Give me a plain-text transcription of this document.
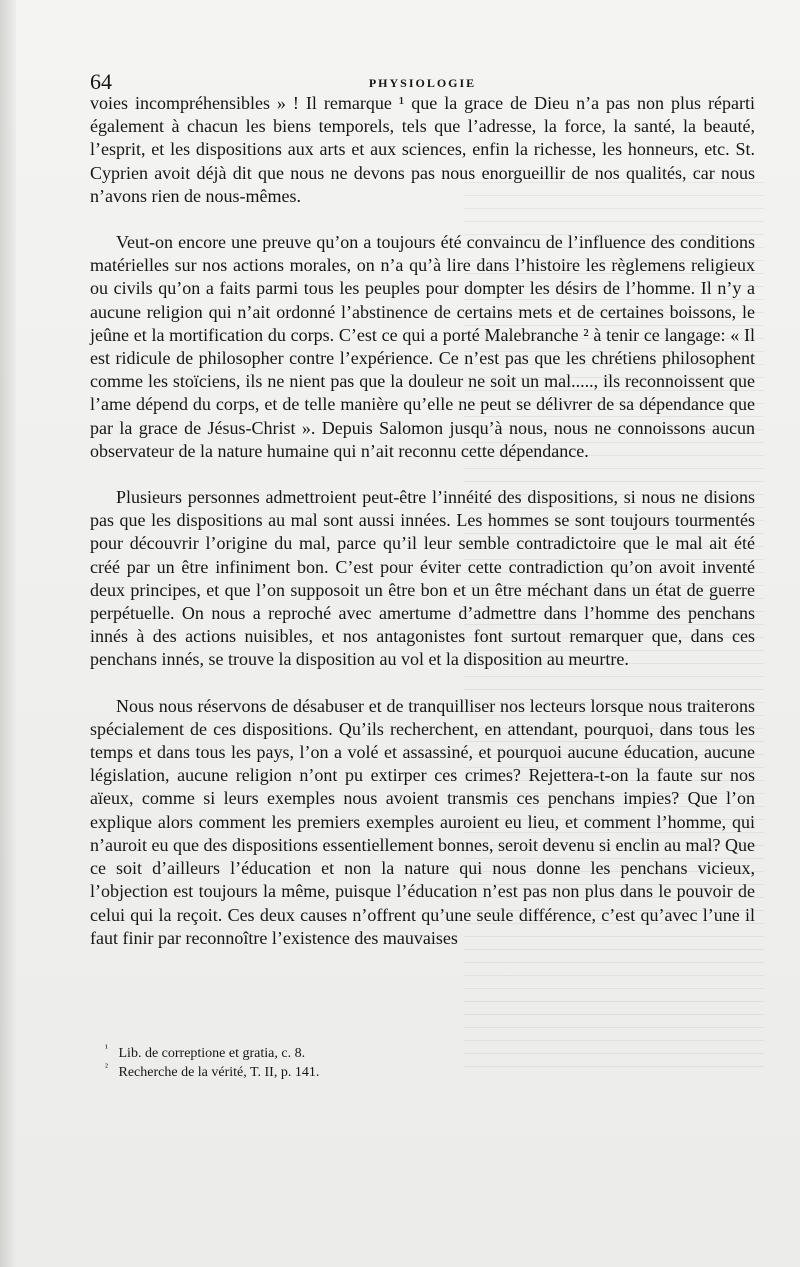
64	PHYSIOLOGIE

voies incompréhensibles » ! Il remarque ¹ que la grace de Dieu n’a pas non plus réparti également à chacun les biens temporels, tels que l’adresse, la force, la santé, la beauté, l’esprit, et les dispositions aux arts et aux sciences, enfin la richesse, les honneurs, etc. St. Cyprien avoit déjà dit que nous ne devons pas nous enorgueillir de nos qualités, car nous n’avons rien de nous-mêmes.

Veut-on encore une preuve qu’on a toujours été convaincu de l’influence des conditions matérielles sur nos actions morales, on n’a qu’à lire dans l’histoire les règlemens religieux ou civils qu’on a faits parmi tous les peuples pour dompter les désirs de l’homme. Il n’y a aucune religion qui n’ait ordonné l’abstinence de certains mets et de certaines boissons, le jeûne et la mortification du corps. C’est ce qui a porté Malebranche ² à tenir ce langage: « Il est ridicule de philosopher contre l’expérience. Ce n’est pas que les chrétiens philosophent comme les stoïciens, ils ne nient pas que la douleur ne soit un mal....., ils reconnoissent que l’ame dépend du corps, et de telle manière qu’elle ne peut se délivrer de sa dépendance que par la grace de Jésus-Christ ». Depuis Salomon jusqu’à nous, nous ne connoissons aucun observateur de la nature humaine qui n’ait reconnu cette dépendance.

Plusieurs personnes admettroient peut-être l’innéité des dispositions, si nous ne disions pas que les dispositions au mal sont aussi innées. Les hommes se sont toujours tourmentés pour découvrir l’origine du mal, parce qu’il leur semble contradictoire que le mal ait été créé par un être infiniment bon. C’est pour éviter cette contradiction qu’on avoit inventé deux principes, et que l’on supposoit un être bon et un être méchant dans un état de guerre perpétuelle. On nous a reproché avec amertume d’admettre dans l’homme des penchans innés à des actions nuisibles, et nos antagonistes font surtout remarquer que, dans ces penchans innés, se trouve la disposition au vol et la disposition au meurtre.

Nous nous réservons de désabuser et de tranquilliser nos lecteurs lorsque nous traiterons spécialement de ces dispositions. Qu’ils recherchent, en attendant, pourquoi, dans tous les temps et dans tous les pays, l’on a volé et assassiné, et pourquoi aucune éducation, aucune législation, aucune religion n’ont pu extirper ces crimes? Rejettera-t-on la faute sur nos aïeux, comme si leurs exemples nous avoient transmis ces penchans impies? Que l’on explique alors comment les premiers exemples auroient eu lieu, et comment l’homme, qui n’auroit eu que des dispositions essentiellement bonnes, seroit devenu si enclin au mal? Que ce soit d’ailleurs l’éducation et non la nature qui nous donne les penchans vicieux, l’objection est toujours la même, puisque l’éducation n’est pas non plus dans le pouvoir de celui qui la reçoit. Ces deux causes n’offrent qu’une seule différence, c’est qu’avec l’une il faut finir par reconnoître l’existence des mauvaises

¹ Lib. de correptione et gratia, c. 8.

² Recherche de la vérité, T. II, p. 141.
